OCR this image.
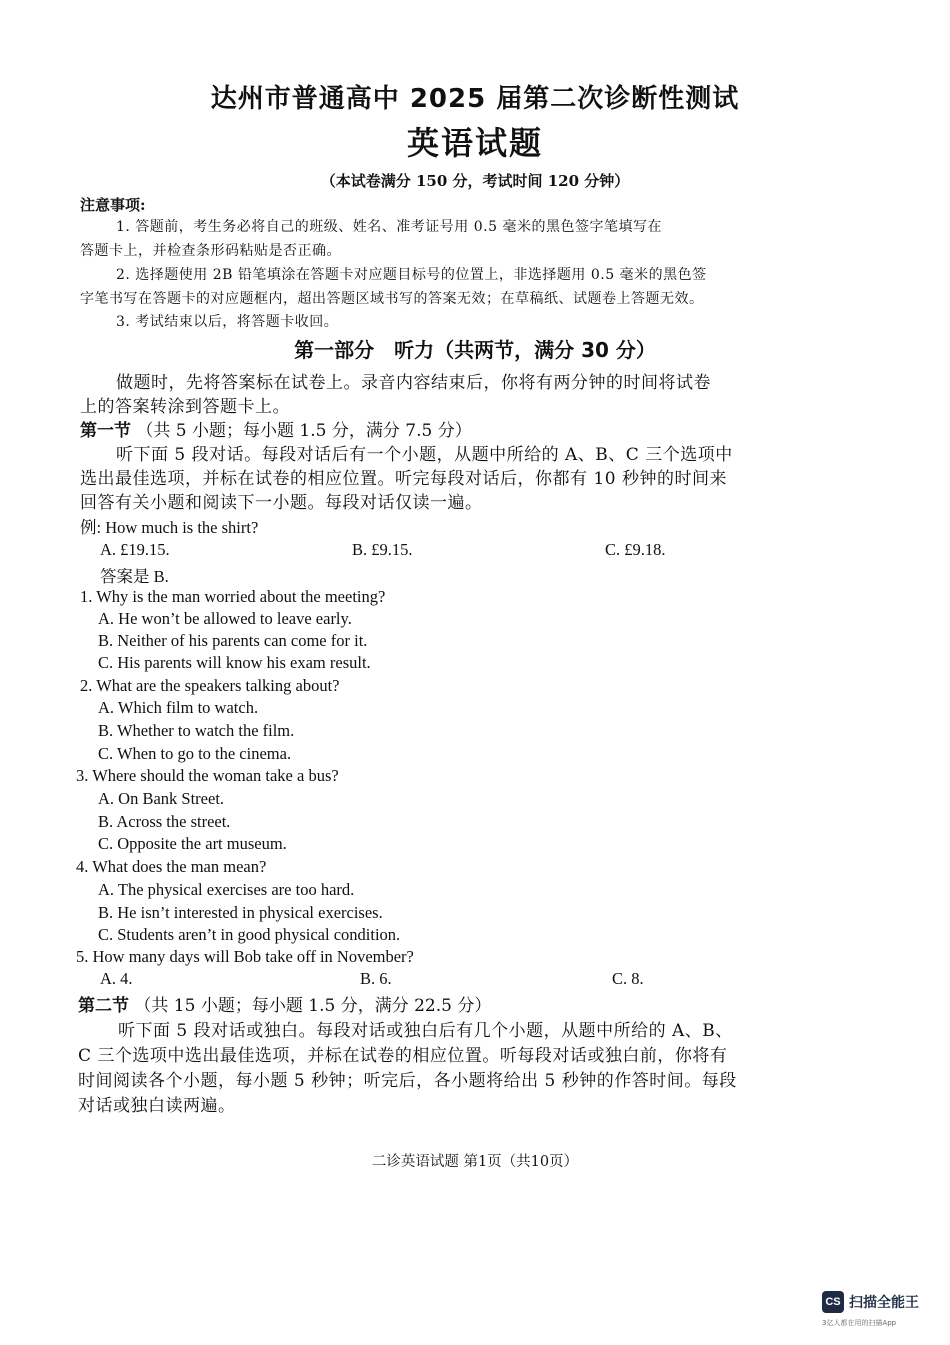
达州市普通高中 2025 届第二次诊断性测试
英语试题
（本试卷满分 150 分，考试时间 120 分钟）
注意事项:
1. 答题前，考生务必将自己的班级、姓名、准考证号用 0.5 毫米的黑色签字笔填写在
答题卡上，并检查条形码粘贴是否正确。
2. 选择题使用 2B 铅笔填涂在答题卡对应题目标号的位置上，非选择题用 0.5 毫米的黑色签
字笔书写在答题卡的对应题框内，超出答题区域书写的答案无效；在草稿纸、试题卷上答题无效。
3. 考试结束以后，将答题卡收回。
第一部分　听力（共两节，满分 30 分）
做题时，先将答案标在试卷上。录音内容结束后，你将有两分钟的时间将试卷
上的答案转涂到答题卡上。
第一节 （共 5 小题；每小题 1.5 分，满分 7.5 分）
听下面 5 段对话。每段对话后有一个小题，从题中所给的 A、B、C 三个选项中
选出最佳选项，并标在试卷的相应位置。听完每段对话后，你都有 10 秒钟的时间来
回答有关小题和阅读下一小题。每段对话仅读一遍。
例: How much is the shirt?
A. £19.15.	B. £9.15.	C. £9.18.
答案是 B.
1. Why is the man worried about the meeting?
A. He won’t be allowed to leave early.
B. Neither of his parents can come for it.
C. His parents will know his exam result.
2. What are the speakers talking about?
A. Which film to watch.
B. Whether to watch the film.
C. When to go to the cinema.
3. Where should the woman take a bus?
A. On Bank Street.
B. Across the street.
C. Opposite the art museum.
4. What does the man mean?
A. The physical exercises are too hard.
B. He isn’t interested in physical exercises.
C. Students aren’t in good physical condition.
5. How many days will Bob take off in November?
A. 4.	B. 6.	C. 8.
第二节 （共 15 小题；每小题 1.5 分，满分 22.5 分）
听下面 5 段对话或独白。每段对话或独白后有几个小题，从题中所给的 A、B、
C 三个选项中选出最佳选项，并标在试卷的相应位置。听每段对话或独白前，你将有
时间阅读各个小题，每小题 5 秒钟；听完后，各小题将给出 5 秒钟的作答时间。每段
对话或独白读两遍。
二诊英语试题 第1页（共10页）
CS 扫描全能王
3亿人都在用的扫描App
